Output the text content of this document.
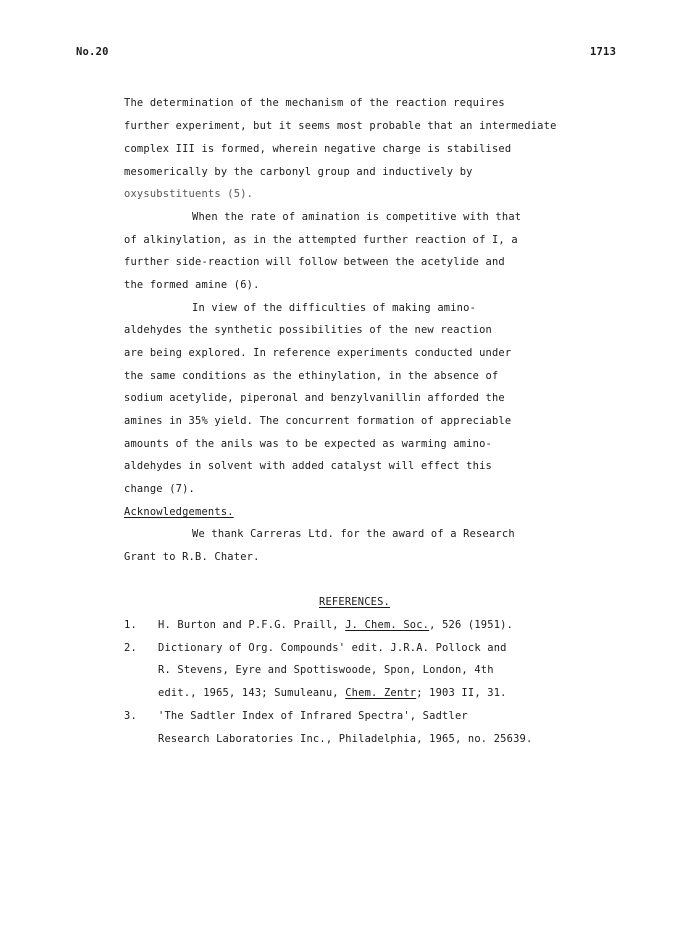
No.20	1713
The determination of the mechanism of the reaction requires
further experiment, but it seems most probable that an intermediate
complex III is formed, wherein negative charge is stabilised
mesomerically by the carbonyl group and inductively by
oxysubstituents (5).
When the rate of amination is competitive with that
of alkinylation, as in the attempted further reaction of I, a
further side-reaction will follow between the acetylide and
the formed amine (6).
In view of the difficulties of making amino-
aldehydes the synthetic possibilities of the new reaction
are being explored. In reference experiments conducted under
the same conditions as the ethinylation, in the absence of
sodium acetylide, piperonal and benzylvanillin afforded the
amines in 35% yield. The concurrent formation of appreciable
amounts of the anils was to be expected as warming amino-
aldehydes in solvent with added catalyst will effect this
change (7).
Acknowledgements.
We thank Carreras Ltd. for the award of a Research
Grant to R.B. Chater.
REFERENCES.
1. H. Burton and P.F.G. Praill, J. Chem. Soc., 526 (1951).
2. Dictionary of Org. Compounds' edit. J.R.A. Pollock and
R. Stevens, Eyre and Spottiswoode, Spon, London, 4th
edit., 1965, 143; Sumuleanu, Chem. Zentr; 1903 II, 31.
3. 'The Sadtler Index of Infrared Spectra', Sadtler
Research Laboratories Inc., Philadelphia, 1965, no. 25639.
